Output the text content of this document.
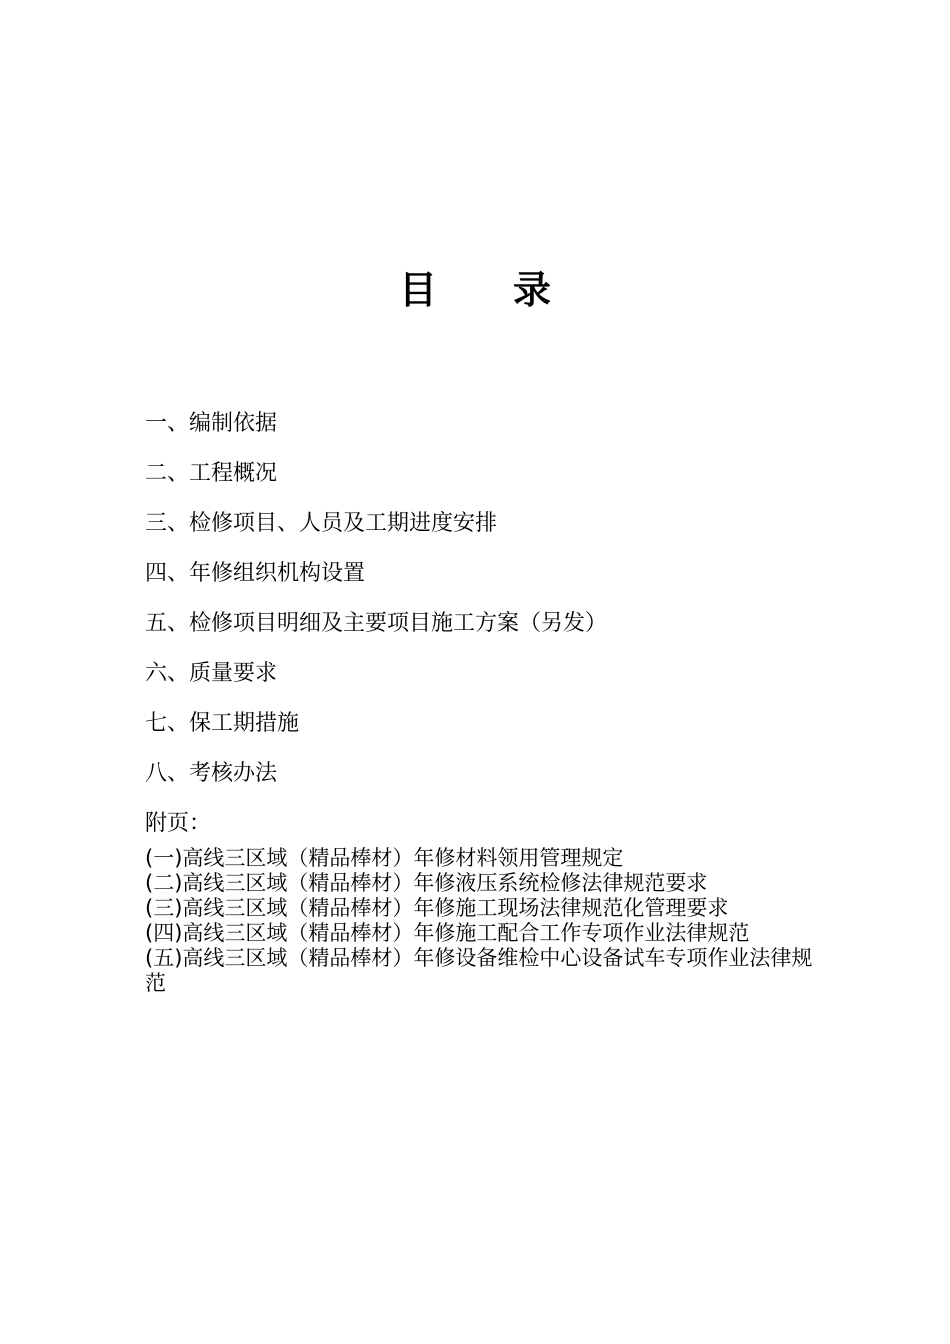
目 录
一、编制依据
二、工程概况
三、检修项目、人员及工期进度安排
四、年修组织机构设置
五、检修项目明细及主要项目施工方案（另发）
六、质量要求
七、保工期措施
八、考核办法
附页：
(一)高线三区域（精品棒材）年修材料领用管理规定
(二)高线三区域（精品棒材）年修液压系统检修法律规范要求
(三)高线三区域（精品棒材）年修施工现场法律规范化管理要求
(四)高线三区域（精品棒材）年修施工配合工作专项作业法律规范
(五)高线三区域（精品棒材）年修设备维检中心设备试车专项作业法律规范
